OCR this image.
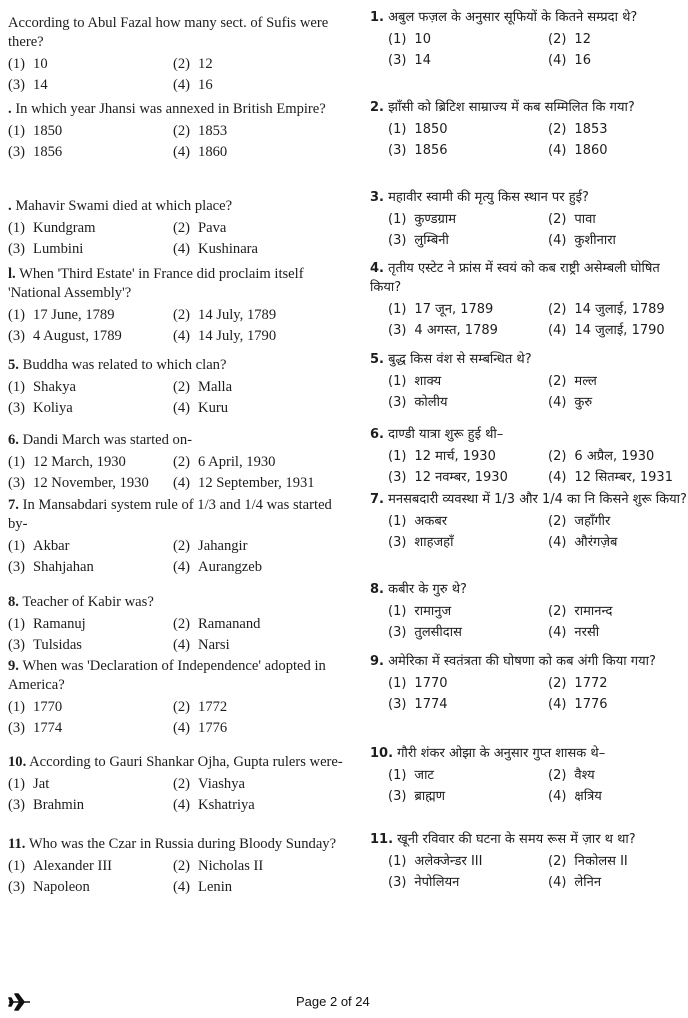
According to Abul Fazal how many sect. of Sufis were there?
(1) 10	(2) 12
(3) 14	(4) 16
. In which year Jhansi was annexed in British Empire?
(1) 1850	(2) 1853
(3) 1856	(4) 1860
. Mahavir Swami died at which place?
(1) Kundgram	(2) Pava
(3) Lumbini	(4) Kushinara
l. When 'Third Estate' in France did proclaim itself 'National Assembly'?
(1) 17 June, 1789	(2) 14 July, 1789
(3) 4 August, 1789	(4) 14 July, 1790
5. Buddha was related to which clan?
(1) Shakya	(2) Malla
(3) Koliya	(4) Kuru
6. Dandi March was started on-
(1) 12 March, 1930	(2) 6 April, 1930
(3) 12 November, 1930	(4) 12 September, 1931
7. In Mansabdari system rule of 1/3 and 1/4 was started by-
(1) Akbar	(2) Jahangir
(3) Shahjahan	(4) Aurangzeb
8. Teacher of Kabir was?
(1) Ramanuj	(2) Ramanand
(3) Tulsidas	(4) Narsi
9. When was 'Declaration of Independence' adopted in America?
(1) 1770	(2) 1772
(3) 1774	(4) 1776
10. According to Gauri Shankar Ojha, Gupta rulers were-
(1) Jat	(2) Viashya
(3) Brahmin	(4) Kshatriya
11. Who was the Czar in Russia during Bloody Sunday?
(1) Alexander III	(2) Nicholas II
(3) Napoleon	(4) Lenin
1. अबुल फज़ल के अनुसार सूफियों के कितने सम्प्रदा थे?
(1) 10	(2) 12
(3) 14	(4) 16
2. झाँसी को ब्रिटिश साम्राज्य में कब सम्मिलित कि गया?
(1) 1850	(2) 1853
(3) 1856	(4) 1860
3. महावीर स्वामी की मृत्यु किस स्थान पर हुई?
(1) कुण्डग्राम	(2) पावा
(3) लुम्बिनी	(4) कुशीनारा
4. तृतीय एस्टेट ने फ्रांस में स्वयं को कब राष्ट्री असेम्बली घोषित किया?
(1) 17 जून, 1789	(2) 14 जुलाई, 1789
(3) 4 अगस्त, 1789	(4) 14 जुलाई, 1790
5. बुद्ध किस वंश से सम्बन्धित थे?
(1) शाक्य	(2) मल्ल
(3) कोलीय	(4) कुरु
6. दाण्डी यात्रा शुरू हुई थी–
(1) 12 मार्च, 1930	(2) 6 अप्रैल, 1930
(3) 12 नवम्बर, 1930	(4) 12 सितम्बर, 1931
7. मनसबदारी व्यवस्था में 1/3 और 1/4 का नि किसने शुरू किया?
(1) अकबर	(2) जहाँगीर
(3) शाहजहाँ	(4) औरंगज़ेब
8. कबीर के गुरु थे?
(1) रामानुज	(2) रामानन्द
(3) तुलसीदास	(4) नरसी
9. अमेरिका में स्वतंत्रता की घोषणा को कब अंगी किया गया?
(1) 1770	(2) 1772
(3) 1774	(4) 1776
10. गौरी शंकर ओझा के अनुसार गुप्त शासक थे–
(1) जाट	(2) वैश्य
(3) ब्राह्मण	(4) क्षत्रिय
11. खूनी रविवार की घटना के समय रूस में ज़ार थ था?
(1) अलेक्जेन्डर III	(2) निकोलस II
(3) नेपोलियन	(4) लेनिन
Page 2 of 24
